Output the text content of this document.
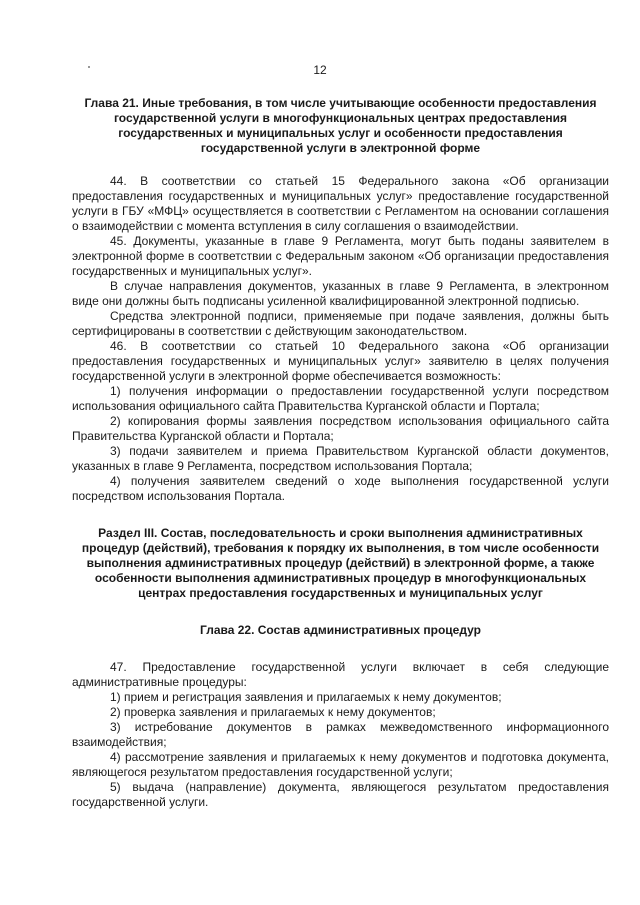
12

Глава 21. Иные требования, в том числе учитывающие особенности предоставления государственной услуги в многофункциональных центрах предоставления государственных и муниципальных услуг и особенности предоставления государственной услуги в электронной форме

44. В соответствии со статьей 15 Федерального закона «Об организации предоставления государственных и муниципальных услуг» предоставление государственной услуги в ГБУ «МФЦ» осуществляется в соответствии с Регламентом на основании соглашения о взаимодействии с момента вступления в силу соглашения о взаимодействии.

45. Документы, указанные в главе 9 Регламента, могут быть поданы заявителем в электронной форме в соответствии с Федеральным законом «Об организации предоставления государственных и муниципальных услуг».

В случае направления документов, указанных в главе 9 Регламента, в электронном виде они должны быть подписаны усиленной квалифицированной электронной подписью.

Средства электронной подписи, применяемые при подаче заявления, должны быть сертифицированы в соответствии с действующим законодательством.

46. В соответствии со статьей 10 Федерального закона «Об организации предоставления государственных и муниципальных услуг» заявителю в целях получения государственной услуги в электронной форме обеспечивается возможность:

1) получения информации о предоставлении государственной услуги посредством использования официального сайта Правительства Курганской области и Портала;

2) копирования формы заявления посредством использования официального сайта Правительства Курганской области и Портала;

3) подачи заявителем и приема Правительством Курганской области документов, указанных в главе 9 Регламента, посредством использования Портала;

4) получения заявителем сведений о ходе выполнения государственной услуги посредством использования Портала.

Раздел III. Состав, последовательность и сроки выполнения административных процедур (действий), требования к порядку их выполнения, в том числе особенности выполнения административных процедур (действий) в электронной форме, а также особенности выполнения административных процедур в многофункциональных центрах предоставления государственных и муниципальных услуг

Глава 22. Состав административных процедур

47. Предоставление государственной услуги включает в себя следующие административные процедуры:

1) прием и регистрация заявления и прилагаемых к нему документов;

2) проверка заявления и прилагаемых к нему документов;

3) истребование документов в рамках межведомственного информационного взаимодействия;

4) рассмотрение заявления и прилагаемых к нему документов и подготовка документа, являющегося результатом предоставления государственной услуги;

5) выдача (направление) документа, являющегося результатом предоставления государственной услуги.
